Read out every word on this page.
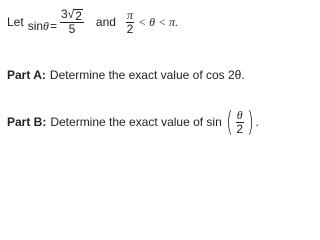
Let $\sin \theta = \frac{3 √ 2}{5}$ and $\frac{\pi}{2} < \theta < \pi$.
Part A: Determine the exact value of cos 2θ.
Part B: Determine the exact value of sin ( $\frac{\theta}{2}$ ) .
